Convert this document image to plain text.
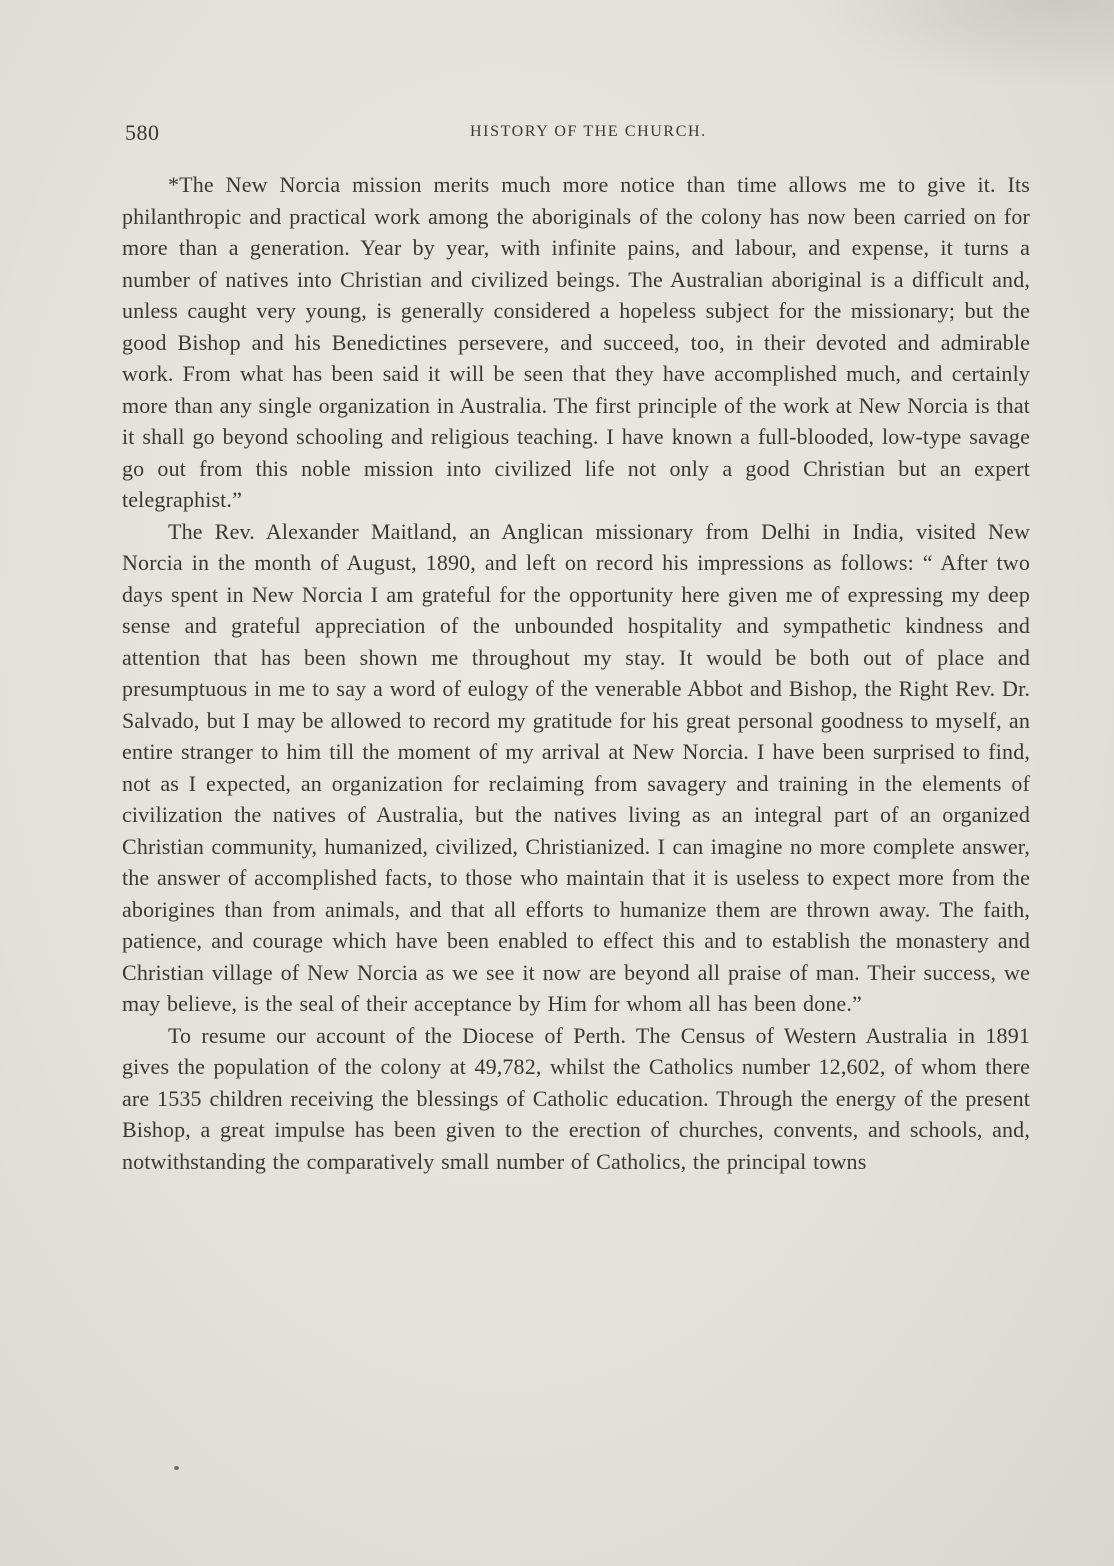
580	HISTORY OF THE CHURCH.

*The New Norcia mission merits much more notice than time allows me to give it. Its philanthropic and practical work among the aboriginals of the colony has now been carried on for more than a generation. Year by year, with infinite pains, and labour, and expense, it turns a number of natives into Christian and civilized beings. The Australian aboriginal is a difficult and, unless caught very young, is generally considered a hopeless subject for the missionary; but the good Bishop and his Benedictines persevere, and succeed, too, in their devoted and admirable work. From what has been said it will be seen that they have accomplished much, and certainly more than any single organization in Australia. The first principle of the work at New Norcia is that it shall go beyond schooling and religious teaching. I have known a full-blooded, low-type savage go out from this noble mission into civilized life not only a good Christian but an expert telegraphist.”

The Rev. Alexander Maitland, an Anglican missionary from Delhi in India, visited New Norcia in the month of August, 1890, and left on record his impressions as follows: “ After two days spent in New Norcia I am grateful for the opportunity here given me of expressing my deep sense and grateful appreciation of the unbounded hospitality and sympathetic kindness and attention that has been shown me throughout my stay. It would be both out of place and presumptuous in me to say a word of eulogy of the venerable Abbot and Bishop, the Right Rev. Dr. Salvado, but I may be allowed to record my gratitude for his great personal goodness to myself, an entire stranger to him till the moment of my arrival at New Norcia. I have been surprised to find, not as I expected, an organization for reclaiming from savagery and training in the elements of civilization the natives of Australia, but the natives living as an integral part of an organized Christian community, humanized, civilized, Christianized. I can imagine no more complete answer, the answer of accomplished facts, to those who maintain that it is useless to expect more from the aborigines than from animals, and that all efforts to humanize them are thrown away. The faith, patience, and courage which have been enabled to effect this and to establish the monastery and Christian village of New Norcia as we see it now are beyond all praise of man. Their success, we may believe, is the seal of their acceptance by Him for whom all has been done.”

To resume our account of the Diocese of Perth. The Census of Western Australia in 1891 gives the population of the colony at 49,782, whilst the Catholics number 12,602, of whom there are 1535 children receiving the blessings of Catholic education. Through the energy of the present Bishop, a great impulse has been given to the erection of churches, convents, and schools, and, notwithstanding the comparatively small number of Catholics, the principal towns
